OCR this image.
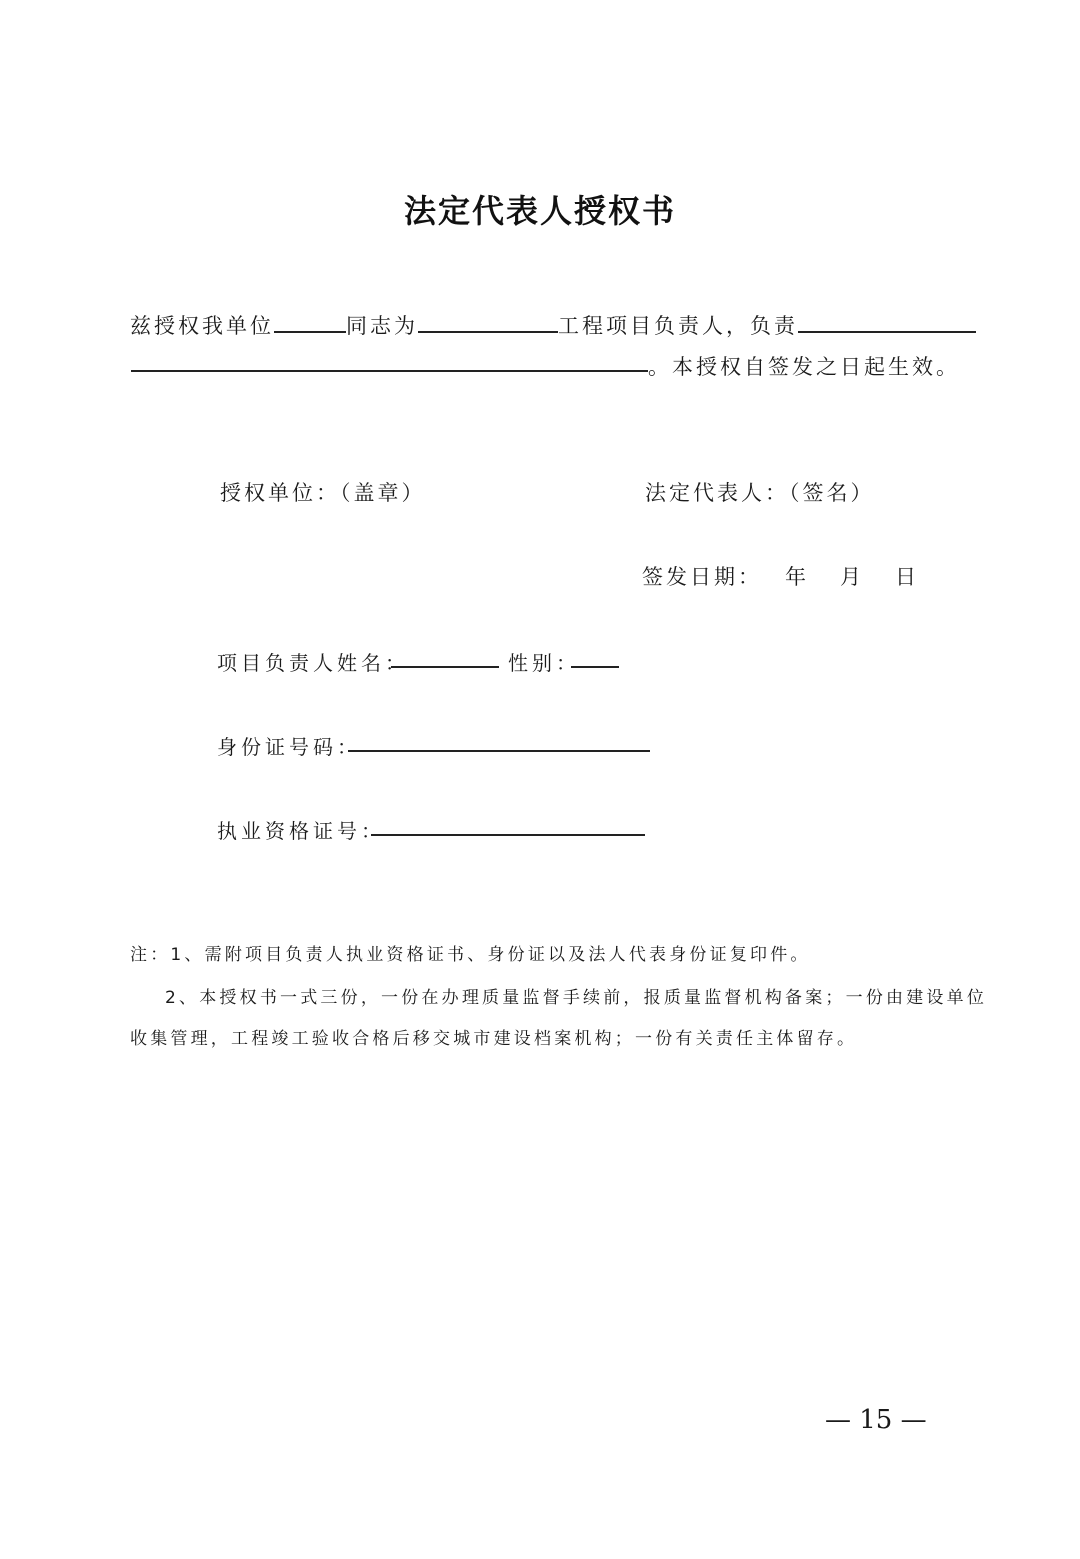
法定代表人授权书
兹授权我单位	同志为	工程项目负责人，负责
。本授权自签发之日起生效。
授权单位：（盖章）	法定代表人：（签名）
签发日期： 年 月 日
项目负责人姓名：	性别：
身份证号码：
执业资格证号：
注：1、需附项目负责人执业资格证书、身份证以及法人代表身份证复印件。
2、本授权书一式三份，一份在办理质量监督手续前，报质量监督机构备案；一份由建设单位
收集管理，工程竣工验收合格后移交城市建设档案机构；一份有关责任主体留存。
— 15 —
